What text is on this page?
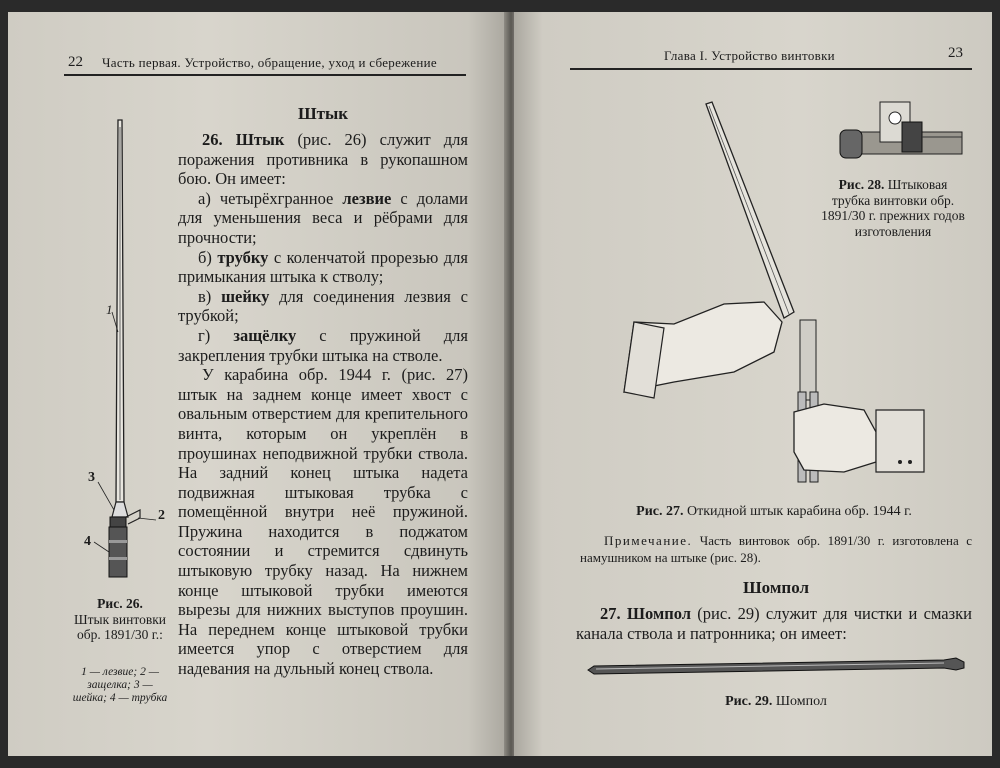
22 Часть первая. Устройство, обращение, уход и сбережение
Штык

26. Штык (рис. 26) служит для поражения противника в рукопашном бою. Он имеет:

а) четырёхгранное лезвие с долами для уменьшения веса и рёбрами для прочности;

б) трубку с коленчатой прорезью для примыкания штыка к стволу;

в) шейку для соединения лезвия с трубкой;

г) защёлку с пружиной для закрепления трубки штыка на стволе.

У карабина обр. 1944 г. (рис. 27) штык на заднем конце имеет хвост с овальным отверстием для крепительного винта, которым он укреплён в проушинах неподвижной трубки ствола. На задний конец штыка надета подвижная штыковая трубка с помещённой внутри неё пружиной. Пружина находится в поджатом состоянии и стремится сдвинуть штыковую трубку назад. На нижнем конце штыковой трубки имеются вырезы для нижних выступов проушин. На переднем конце штыковой трубки имеется упор с отверстием для надевания на дульный конец ствола.

1
2
3
4
Рис. 26.
Штык винтовки обр. 1891/30 г.:
1 — лезвие; 2 — защелка; 3 — шейка; 4 — трубка
Глава I. Устройство винтовки	23
Рис. 28. Штыковая трубка винтовки обр. 1891/30 г. прежних годов изготовления
Рис. 27. Откидной штык карабина обр. 1944 г.
Примечание. Часть винтовок обр. 1891/30 г. изготовлена с намушником на штыке (рис. 28).
Шомпол

27. Шомпол (рис. 29) служит для чистки и смазки канала ствола и патронника; он имеет:

Рис. 29. Шомпол
